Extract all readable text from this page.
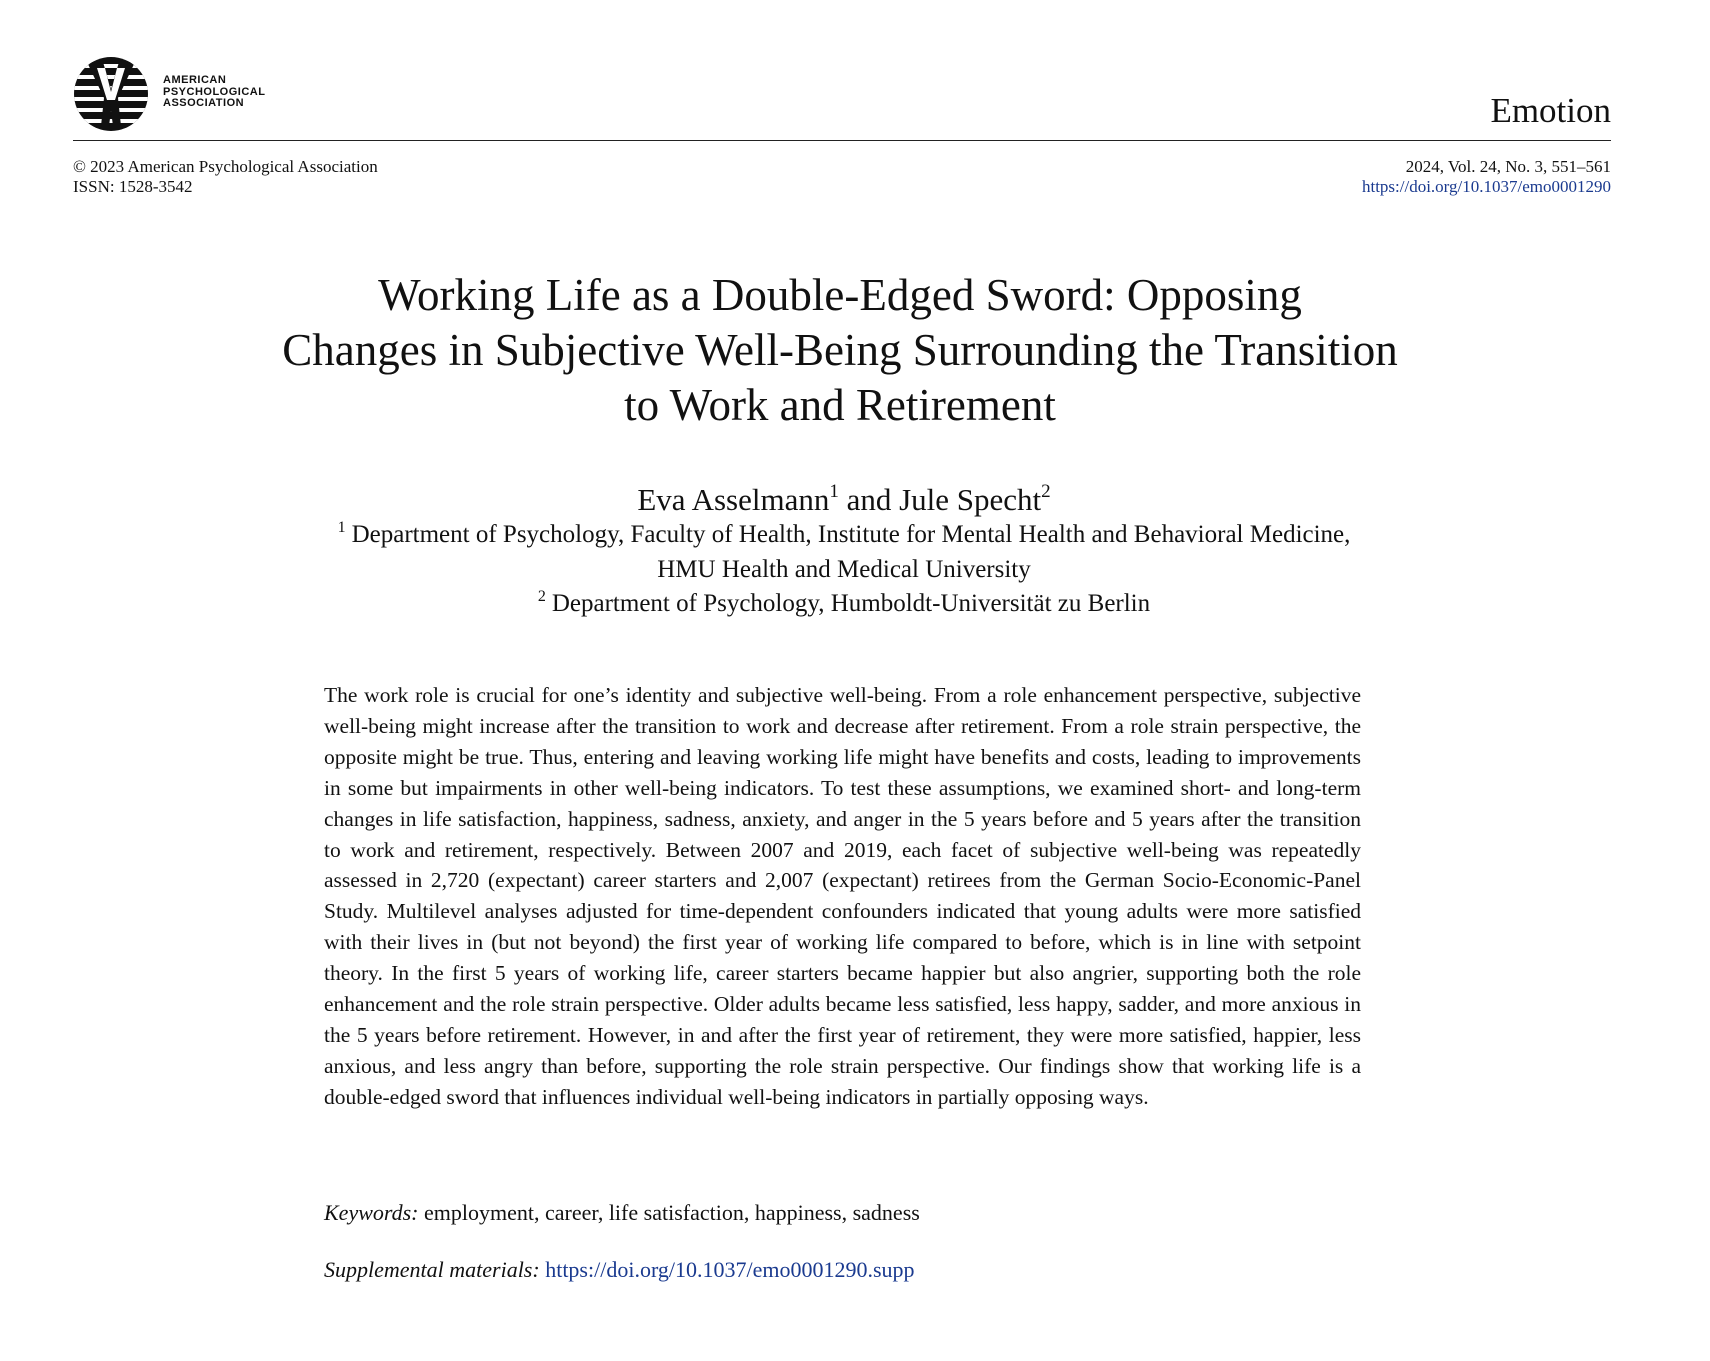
AMERICAN
PSYCHOLOGICAL
ASSOCIATION	Emotion
© 2023 American Psychological Association
ISSN: 1528-3542
2024, Vol. 24, No. 3, 551–561
https://doi.org/10.1037/emo0001290
Working Life as a Double-Edged Sword: Opposing
Changes in Subjective Well-Being Surrounding the Transition
to Work and Retirement
Eva Asselmann$^1$ and Jule Specht$^2$
$^1$ Department of Psychology, Faculty of Health, Institute for Mental Health and Behavioral Medicine,
HMU Health and Medical University
$^2$ Department of Psychology, Humboldt-Universität zu Berlin

The work role is crucial for one’s identity and subjective well-being. From a role enhancement perspective, subjective well-being might increase after the transition to work and decrease after retirement. From a role strain perspective, the opposite might be true. Thus, entering and leaving working life might have benefits and costs, leading to improvements in some but impairments in other well-being indicators. To test these assumptions, we examined short- and long-term changes in life satisfaction, happiness, sadness, anxiety, and anger in the 5 years before and 5 years after the transition to work and retirement, respectively. Between 2007 and 2019, each facet of subjective well-being was repeatedly assessed in 2,720 (expectant) career starters and 2,007 (expectant) retirees from the German Socio-Economic-Panel Study. Multilevel analyses adjusted for time-dependent confounders indicated that young adults were more satisfied with their lives in (but not beyond) the first year of working life compared to before, which is in line with setpoint theory. In the first 5 years of working life, career starters became happier but also angrier, supporting both the role enhancement and the role strain perspective. Older adults became less satisfied, less happy, sadder, and more anxious in the 5 years before retirement. However, in and after the first year of retirement, they were more satisfied, happier, less anxious, and less angry than before, supporting the role strain perspective. Our findings show that working life is a double-edged sword that influences individual well-being indicators in partially opposing ways.

Keywords: employment, career, life satisfaction, happiness, sadness
Supplemental materials: https://doi.org/10.1037/emo0001290.supp
